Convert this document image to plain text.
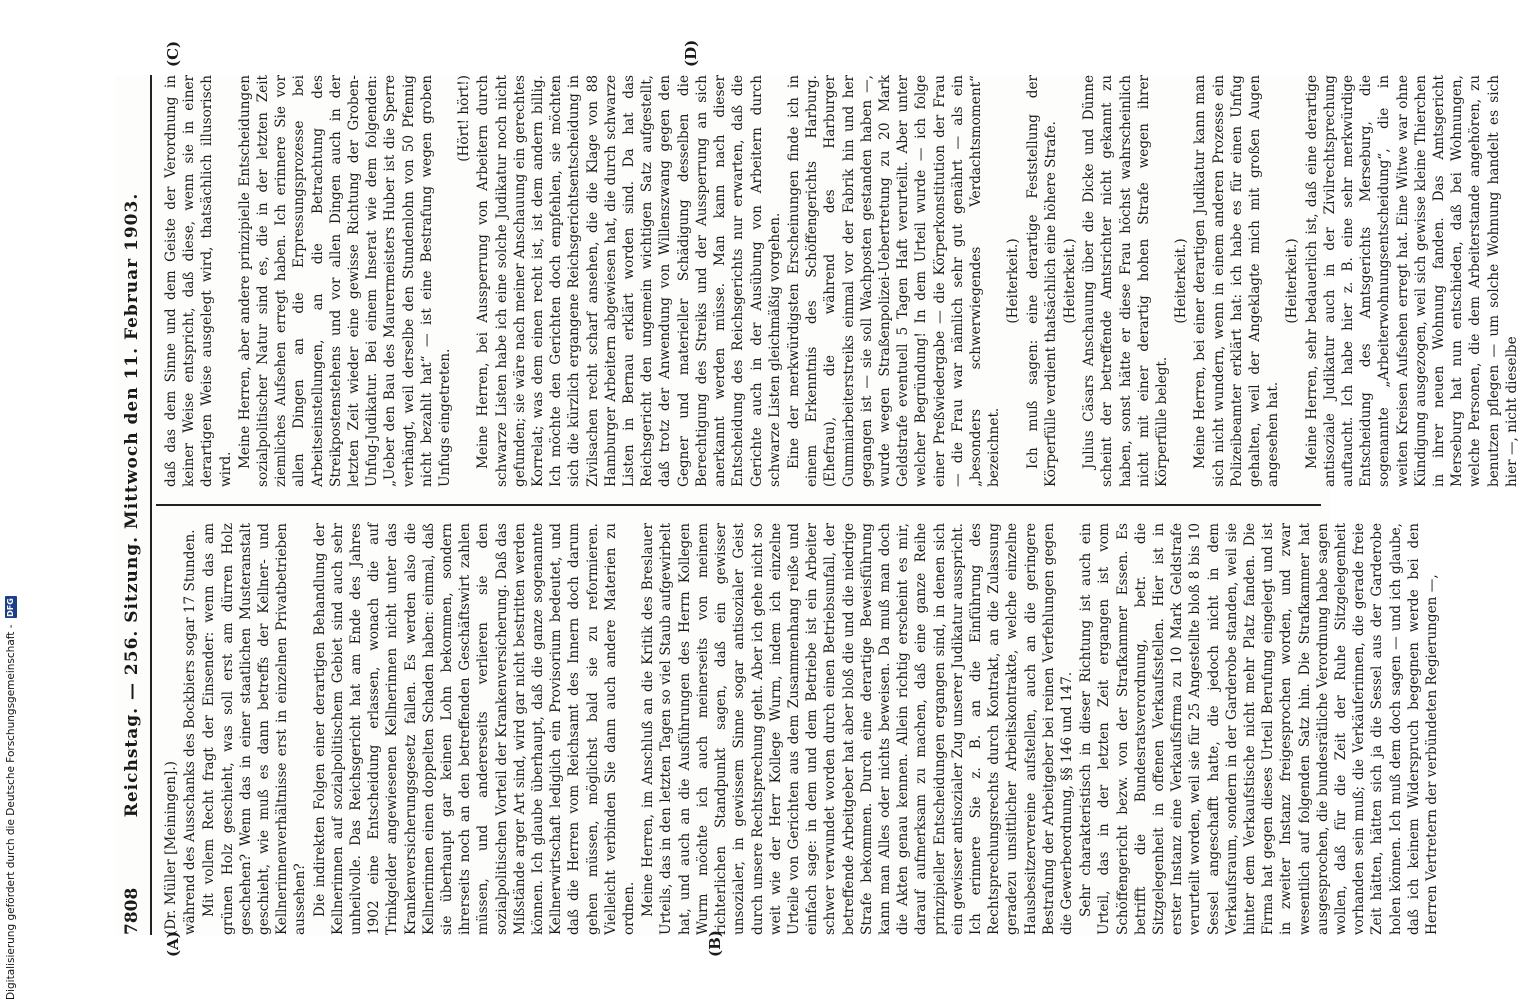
7808
Reichstag. — 256. Sitzung. Mittwoch den 11. Februar 1903.
(A)	(B)
(C)	(D)

(Dr. Müller [Meiningen].) während des Ausschanks des Bockbiers sogar 17 Stunden. Mit vollem Recht fragt der Einsender: wenn das am grünen Holz geschieht, was soll erst am dürren Holz geschehen? Wenn das in einer staatlichen Musteranstalt geschieht, wie muß es dann betreffs der Kellner- und Kellnerinnenverhältnisse erst in einzelnen Privatbetrieben aussehen? Die indirekten Folgen einer derartigen Behandlung der Kellnerinnen auf sozialpolitischem Gebiet sind auch sehr unheilvolle. Das Reichsgericht hat am Ende des Jahres 1902 eine Entscheidung erlassen, wonach die auf Trinkgelder angewiesenen Kellnerinnen nicht unter das Krankenversicherungsgesetz fallen. Es werden also die Kellnerinnen einen doppelten Schaden haben: einmal, daß sie überhaupt gar keinen Lohn bekommen, sondern ihrerseits noch an den betreffenden Geschäftswirt zahlen müssen, und andererseits verlieren sie den sozialpolitischen Vorteil der Krankenversicherung. Daß das Mißstände arger Art sind, wird gar nicht bestritten werden können. Ich glaube überhaupt, daß die ganze sogenannte Kellnerwirtschaft lediglich ein Provisorium bedeutet, und daß die Herren vom Reichsamt des Innern doch darum gehen müssen, möglichst bald sie zu reformieren. Vielleicht verbinden Sie dann auch andere Materien zu ordnen. Meine Herren, im Anschluß an die Kritik des Breslauer Urteils, das in den letzten Tagen so viel Staub aufgewirbelt hat, und auch an die Ausführungen des Herrn Kollegen Wurm möchte ich auch meinerseits von meinem richterlichen Standpunkt sagen, daß ein gewisser unsozialer, in gewissem Sinne sogar antisozialer Geist durch unsere Rechtsprechung geht. Aber ich gehe nicht so weit wie der Herr Kollege Wurm, indem ich einzelne Urteile von Gerichten aus dem Zusammenhang reiße und einfach sage: in dem und dem Betriebe ist ein Arbeiter schwer verwundet worden durch einen Betriebsunfall, der betreffende Arbeitgeber hat aber bloß die und die niedrige Strafe bekommen. Durch eine derartige Beweisführung kann man Alles oder nichts beweisen. Da muß man doch die Akten genau kennen. Allein richtig erscheint es mir, darauf aufmerksam zu machen, daß eine ganze Reihe prinzipieller Entscheidungen ergangen sind, in denen sich ein gewisser antisozialer Zug unserer Judikatur ausspricht. Ich erinnere Sie z. B. an die Einführung des Rechtsprechungsrechts durch Kontrakt, an die Zulassung geradezu unsittlicher Arbeitskontrakte, welche einzelne Hausbesitzervereine aufstellen, auch an die geringere Bestrafung der Arbeitgeber bei reinen Verfehlungen gegen die Gewerbeordnung, §§ 146 und 147. Sehr charakteristisch in dieser Richtung ist auch ein Urteil, das in der letzten Zeit ergangen ist vom Schöffengericht bezw. von der Strafkammer Essen. Es betrifft die Bundesratsverordnung, betr. die Sitzgelegenheit in offenen Verkaufsstellen. Hier ist in erster Instanz eine Verkaufsfirma zu 10 Mark Geldstrafe verurteilt worden, weil sie für 25 Angestellte bloß 8 bis 10 Sessel angeschafft hatte, die jedoch nicht in dem Verkaufsraum, sondern in der Garderobe standen, weil sie hinter dem Verkaufstische nicht mehr Platz fanden. Die Firma hat gegen dieses Urteil Berufung eingelegt und ist in zweiter Instanz freigesprochen worden, und zwar wesentlich auf folgenden Satz hin. Die Strafkammer hat ausgesprochen, die bundesrätliche Verordnung habe sagen wollen, daß für die Zeit der Ruhe Sitzgelegenheit vorhanden sein muß; die Verkäuferinnen, die gerade freie Zeit hätten, hätten sich ja die Sessel aus der Garderobe holen können. Ich muß dem doch sagen — und ich glaube, daß ich keinem Widerspruch begegnen werde bei den Herren Vertretern der verbündeten Regierungen —,

daß das dem Sinne und dem Geiste der Verordnung in keiner Weise entspricht, daß diese, wenn sie in einer derartigen Weise ausgelegt wird, thatsächlich illusorisch wird.

Meine Herren, aber andere prinzipielle Entscheidungen sozialpolitischer Natur sind es, die in der letzten Zeit ziemliches Aufsehen erregt haben. Ich erinnere Sie vor allen Dingen an die Erpressungsprozesse bei Arbeitseinstellungen, an die Betrachtung des Streikpostenstehens und vor allen Dingen auch in der letzten Zeit wieder eine gewisse Richtung der Groben-Unfug-Judikatur. Bei einem Inserat wie dem folgenden: „Ueber den Bau des Maurermeisters Huber ist die Sperre verhängt, weil derselbe den Stundenlohn von 50 Pfennig nicht bezahlt hat“ — ist eine Bestrafung wegen groben Unfugs eingetreten.

(Hört! hört!) Meine Herren, bei Aussperrung von Arbeitern durch schwarze Listen habe ich eine solche Judikatur noch nicht gefunden; sie wäre nach meiner Anschauung ein gerechtes Korrelat; was dem einen recht ist, ist dem andern billig. Ich möchte den Gerichten doch empfehlen, sie möchten sich die kürzlich ergangene Reichsgerichtsentscheidung in Zivilsachen recht scharf ansehen, die die Klage von 88 Hamburger Arbeitern abgewiesen hat, die durch schwarze Listen in Bernau erklärt worden sind. Da hat das Reichsgericht den ungemein wichtigen Satz aufgestellt, daß trotz der Anwendung von Willenszwang gegen den Gegner und materieller Schädigung desselben die Berechtigung des Streiks und der Aussperrung an sich anerkannt werden müsse. Man kann nach dieser Entscheidung des Reichsgerichts nur erwarten, daß die Gerichte auch in der Ausübung von Arbeitern durch schwarze Listen gleichmäßig vorgehen. Eine der merkwürdigsten Erscheinungen finde ich in einem Erkenntnis des Schöffengerichts Harburg. (Ehefrau), die während des Harburger Gummiarbeiterstreiks einmal vor der Fabrik hin und her gegangen ist — sie soll Wachposten gestanden haben —, wurde wegen Straßenpolizei-Uebertretung zu 20 Mark Geldstrafe eventuell 5 Tagen Haft verurteilt. Aber unter welcher Begründung! In dem Urteil wurde — ich folge einer Preßwiedergabe — die Körperkonstitution der Frau — die Frau war nämlich sehr gut genährt — als ein „besonders schwerwiegendes Verdachtsmoment“ bezeichnet.

(Heiterkeit.) Ich muß sagen: eine derartige Feststellung der Körperfülle verdient thatsächlich eine höhere Strafe. (Heiterkeit.) Julius Cäsars Anschauung über die Dicke und Dünne scheint der betreffende Amtsrichter nicht gekannt zu haben, sonst hätte er diese Frau höchst wahrscheinlich nicht mit einer derartig hohen Strafe wegen ihrer Körperfülle belegt.

(Heiterkeit.) Meine Herren, bei einer derartigen Judikatur kann man sich nicht wundern, wenn in einem anderen Prozesse ein Polizeibeamter erklärt hat: ich habe es für einen Unfug gehalten, weil der Angeklagte mich mit großen Augen angesehen hat.

(Heiterkeit.) Meine Herren, sehr bedauerlich ist, daß eine derartige antisoziale Judikatur auch in der Zivilrechtsprechung auftaucht. Ich habe hier z. B. eine sehr merkwürdige Entscheidung des Amtsgerichts Merseburg, die sogenannte „Arbeiterwohnungsentscheidung“, die in weiten Kreisen Aufsehen erregt hat. Eine Witwe war ohne Kündigung ausgezogen, weil sich gewisse kleine Thierchen in ihrer neuen Wohnung fanden. Das Amtsgericht Merseburg hat nun entschieden, daß bei Wohnungen, welche Personen, die dem Arbeiterstande angehören, zu benutzen pflegen — um solche Wohnung handelt es sich hier —, nicht dieselbe

Digitalisierung gefördert durch die Deutsche Forschungsgemeinschaft -
DFG
